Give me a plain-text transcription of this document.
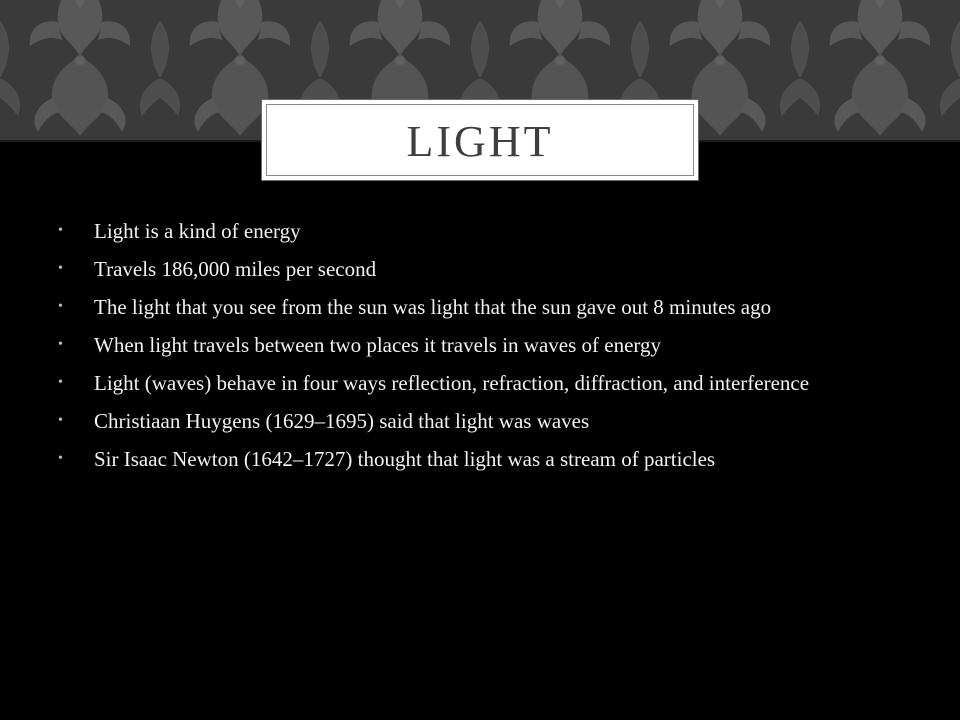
LIGHT
•	Light is a kind of energy
•	Travels 186,000 miles per second
•	The light that you see from the sun was light that the sun gave out 8 minutes ago
•	When light travels between two places it travels in waves of energy
•	Light (waves) behave in four ways reflection, refraction, diffraction, and interference
•	Christiaan Huygens (1629–1695) said that light was waves
•	Sir Isaac Newton (1642–1727) thought that light was a stream of particles
